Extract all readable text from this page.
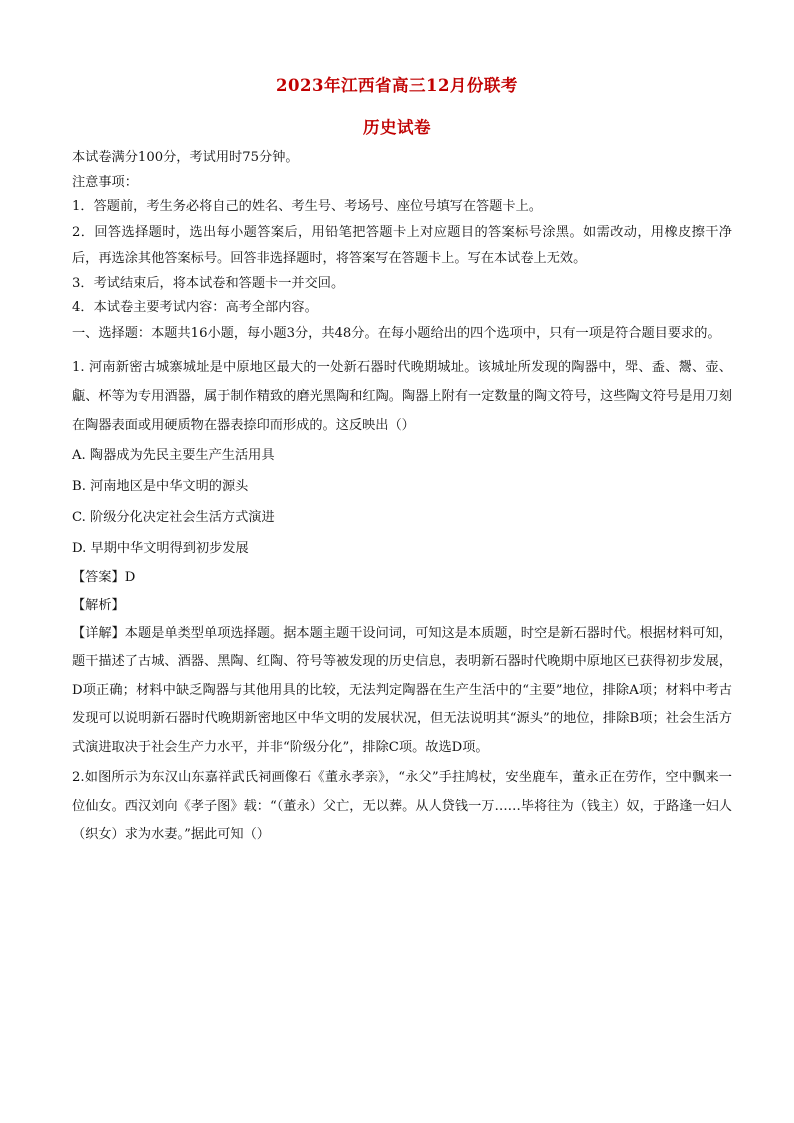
2023年江西省高三12月份联考
历史试卷
本试卷满分100分，考试用时75分钟。
注意事项：
1．答题前，考生务必将自己的姓名、考生号、考场号、座位号填写在答题卡上。
2．回答选择题时，选出每小题答案后，用铅笔把答题卡上对应题目的答案标号涂黑。如需改动，用橡皮擦干净后，再选涂其他答案标号。回答非选择题时，将答案写在答题卡上。写在本试卷上无效。
3．考试结束后，将本试卷和答题卡一并交回。
4．本试卷主要考试内容：高考全部内容。
一、选择题：本题共16小题，每小题3分，共48分。在每小题给出的四个选项中，只有一项是符合题目要求的。
1. 河南新密古城寨城址是中原地区最大的一处新石器时代晚期城址。该城址所发现的陶器中，斝、盉、鬶、壶、甗、杯等为专用酒器，属于制作精致的磨光黑陶和红陶。陶器上附有一定数量的陶文符号，这些陶文符号是用刀刻在陶器表面或用硬质物在器表捺印而形成的。这反映出（）
A. 陶器成为先民主要生产生活用具
B. 河南地区是中华文明的源头
C. 阶级分化决定社会生活方式演进
D. 早期中华文明得到初步发展
【答案】D
【解析】
【详解】本题是单类型单项选择题。据本题主题干设问词，可知这是本质题，时空是新石器时代。根据材料可知，题干描述了古城、酒器、黑陶、红陶、符号等被发现的历史信息，表明新石器时代晚期中原地区已获得初步发展，D项正确；材料中缺乏陶器与其他用具的比较，无法判定陶器在生产生活中的“主要”地位，排除A项；材料中考古发现可以说明新石器时代晚期新密地区中华文明的发展状况，但无法说明其“源头”的地位，排除B项；社会生活方式演进取决于社会生产力水平，并非“阶级分化”，排除C项。故选D项。
2.如图所示为东汉山东嘉祥武氏祠画像石《董永孝亲》，“永父”手拄鸠杖，安坐鹿车，董永正在劳作，空中飘来一位仙女。西汉刘向《孝子图》载：“（董永）父亡，无以葬。从人贷钱一万……毕将往为（钱主）奴，于路逢一妇人（织女）求为水妻。”据此可知（）
